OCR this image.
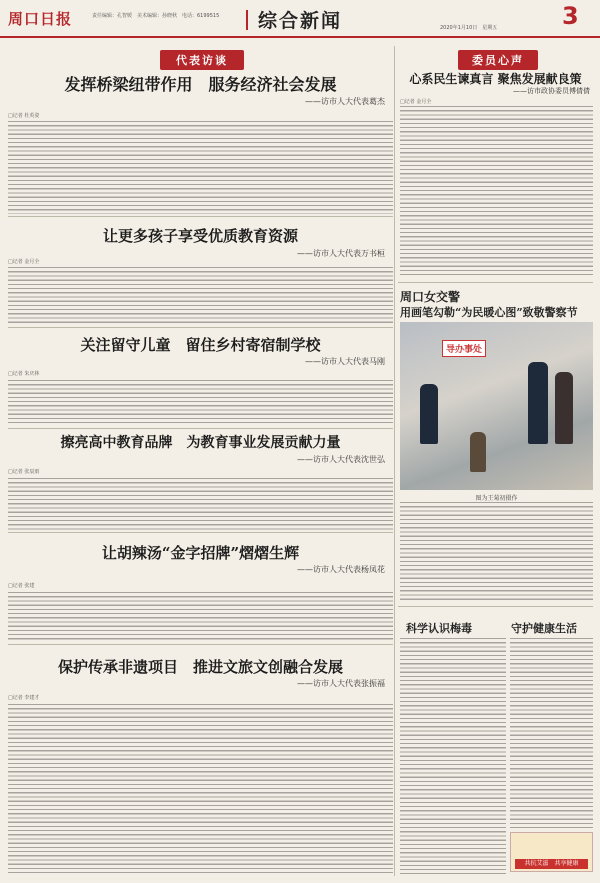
周口日报	责任编辑：孔智媛　美术编辑：孙晓秋　电话：6199515 综合新闻	2020年1月10日　星期五	3
代表访谈
发挥桥梁纽带作用　服务经济社会发展
——访市人大代表葛杰
□记者 杜英姿
让更多孩子享受优质教育资源
——访市人大代表万书桓
□记者 金月全
关注留守儿童　留住乡村寄宿制学校
——访市人大代表马刚
□记者 朱庆林
擦亮高中教育品牌　为教育事业发展贡献力量
——访市人大代表沈世弘
□记者 张辰雨
让胡辣汤“金字招牌”熠熠生辉
——访市人大代表杨凤花
□记者 张建
保护传承非遗项目　推进文旅文创融合发展
——访市人大代表张振福
□记者 李建才
委员心声
心系民生谏真言 聚焦发展献良策
——访市政协委员傅倩倩
□记者 金月全
周口女交警
用画笔勾勒“为民暖心图”致敬警察节
导办事处
图为王菊初摄作
科学认识梅毒	守护健康生活
共抗艾滋　共享健康
